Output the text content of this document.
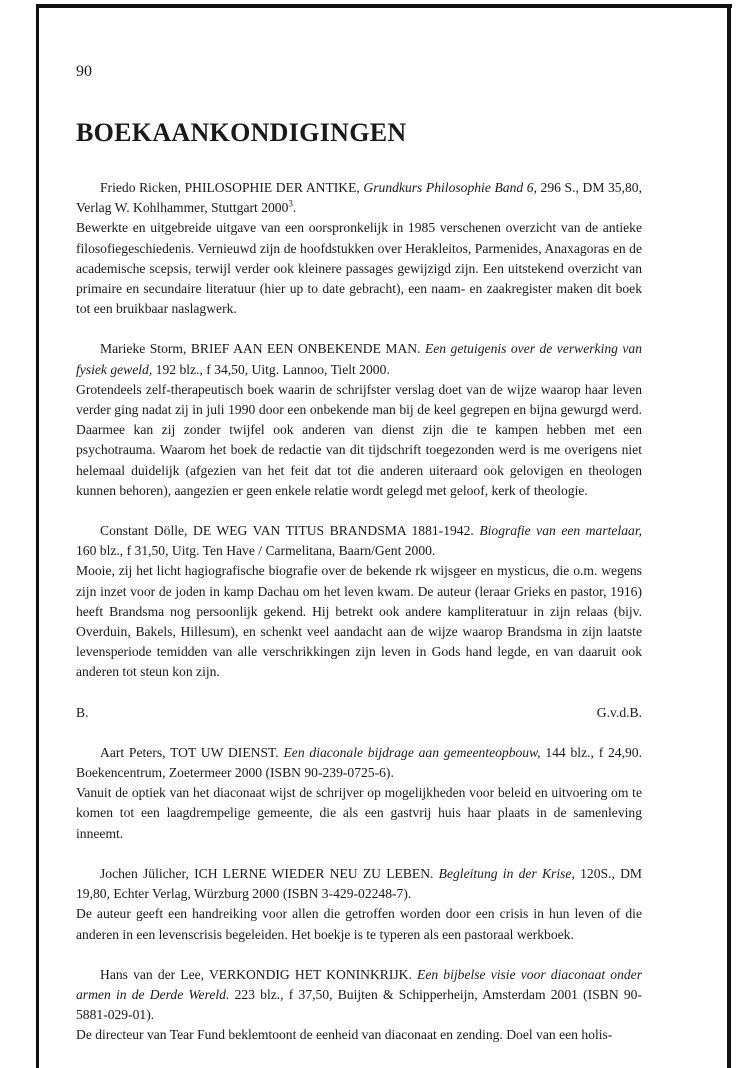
90
BOEKAANKONDIGINGEN

Friedo Ricken, PHILOSOPHIE DER ANTIKE, Grundkurs Philosophie Band 6, 296 S., DM 35,80, Verlag W. Kohlhammer, Stuttgart 2000$^3$.

Bewerkte en uitgebreide uitgave van een oorspronkelijk in 1985 verschenen overzicht van de antieke filosofiegeschiedenis. Vernieuwd zijn de hoofdstukken over Herakleitos, Parmenides, Anaxagoras en de academische scepsis, terwijl verder ook kleinere passages gewijzigd zijn. Een uitstekend overzicht van primaire en secundaire literatuur (hier up to date gebracht), een naam- en zaakregister maken dit boek tot een bruikbaar naslagwerk.

Marieke Storm, BRIEF AAN EEN ONBEKENDE MAN. Een getuigenis over de verwerking van fysiek geweld, 192 blz., f 34,50, Uitg. Lannoo, Tielt 2000.

Grotendeels zelf-therapeutisch boek waarin de schrijfster verslag doet van de wijze waarop haar leven verder ging nadat zij in juli 1990 door een onbekende man bij de keel gegrepen en bijna gewurgd werd. Daarmee kan zij zonder twijfel ook anderen van dienst zijn die te kampen hebben met een psychotrauma. Waarom het boek de redactie van dit tijdschrift toegezonden werd is me overigens niet helemaal duidelijk (afgezien van het feit dat tot die anderen uiteraard ook gelovigen en theologen kunnen behoren), aangezien er geen enkele relatie wordt gelegd met geloof, kerk of theologie.

Constant Dölle, DE WEG VAN TITUS BRANDSMA 1881-1942. Biografie van een martelaar, 160 blz., f 31,50, Uitg. Ten Have / Carmelitana, Baarn/Gent 2000.

Mooie, zij het licht hagiografische biografie over de bekende rk wijsgeer en mysticus, die o.m. wegens zijn inzet voor de joden in kamp Dachau om het leven kwam. De auteur (leraar Grieks en pastor, 1916) heeft Brandsma nog persoonlijk gekend. Hij betrekt ook andere kampliteratuur in zijn relaas (bijv. Overduin, Bakels, Hillesum), en schenkt veel aandacht aan de wijze waarop Brandsma in zijn laatste levensperiode temidden van alle verschrikkingen zijn leven in Gods hand legde, en van daaruit ook anderen tot steun kon zijn.

B.	G.v.d.B.

Aart Peters, TOT UW DIENST. Een diaconale bijdrage aan gemeenteopbouw, 144 blz., f 24,90. Boekencentrum, Zoetermeer 2000 (ISBN 90-239-0725-6).

Vanuit de optiek van het diaconaat wijst de schrijver op mogelijkheden voor beleid en uitvoering om te komen tot een laagdrempelige gemeente, die als een gastvrij huis haar plaats in de samenleving inneemt.

Jochen Jülicher, ICH LERNE WIEDER NEU ZU LEBEN. Begleitung in der Krise, 120S., DM 19,80, Echter Verlag, Würzburg 2000 (ISBN 3-429-02248-7).

De auteur geeft een handreiking voor allen die getroffen worden door een crisis in hun leven of die anderen in een levenscrisis begeleiden. Het boekje is te typeren als een pastoraal werkboek.

Hans van der Lee, VERKONDIG HET KONINKRIJK. Een bijbelse visie voor diaconaat onder armen in de Derde Wereld. 223 blz., f 37,50, Buijten & Schipperheijn, Amsterdam 2001 (ISBN 90-5881-029-01).

De directeur van Tear Fund beklemtoont de eenheid van diaconaat en zending. Doel van een holis-
